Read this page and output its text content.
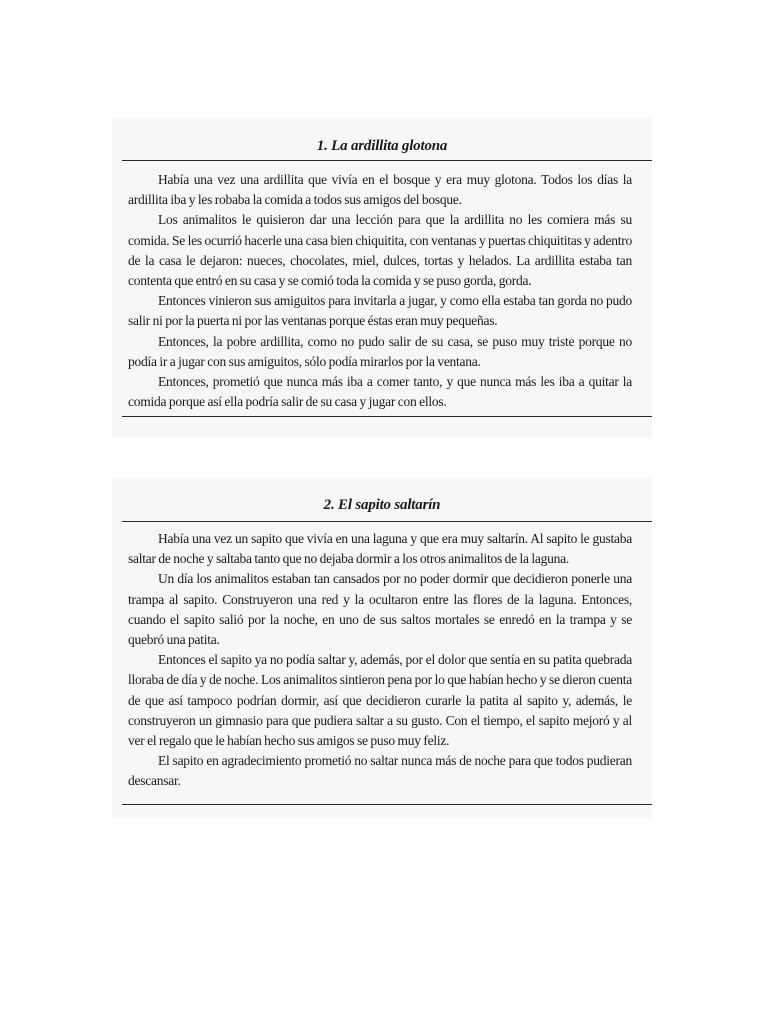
1. La ardillita glotona

Había una vez una ardillita que vivía en el bosque y era muy glotona. Todos los días la ardillita iba y les robaba la comida a todos sus amigos del bosque.

Los animalitos le quisieron dar una lección para que la ardillita no les comiera más su comida. Se les ocurrió hacerle una casa bien chiquitita, con ventanas y puertas chiquititas y adentro de la casa le dejaron: nueces, chocolates, miel, dulces, tortas y helados. La ardillita estaba tan contenta que entró en su casa y se comió toda la comida y se puso gorda, gorda.

Entonces vinieron sus amiguitos para invitarla a jugar, y como ella estaba tan gorda no pudo salir ni por la puerta ni por las ventanas porque éstas eran muy pequeñas.

Entonces, la pobre ardillita, como no pudo salir de su casa, se puso muy triste porque no podía ir a jugar con sus amiguitos, sólo podía mirarlos por la ventana.

Entonces, prometió que nunca más iba a comer tanto, y que nunca más les iba a quitar la comida porque así ella podría salir de su casa y jugar con ellos.

2. El sapito saltarín

Había una vez un sapito que vivía en una laguna y que era muy saltarín. Al sapito le gustaba saltar de noche y saltaba tanto que no dejaba dormir a los otros animalitos de la laguna.

Un día los animalitos estaban tan cansados por no poder dormir que decidieron ponerle una trampa al sapito. Construyeron una red y la ocultaron entre las flores de la laguna. Entonces, cuando el sapito salió por la noche, en uno de sus saltos mortales se enredó en la trampa y se quebró una patita.

Entonces el sapito ya no podía saltar y, además, por el dolor que sentía en su patita quebrada lloraba de día y de noche. Los animalitos sintieron pena por lo que habían hecho y se dieron cuenta de que así tampoco podrían dormir, así que decidieron curarle la patita al sapito y, además, le construyeron un gimnasio para que pudiera saltar a su gusto. Con el tiempo, el sapito mejoró y al ver el regalo que le habían hecho sus amigos se puso muy feliz.

El sapito en agradecimiento prometió no saltar nunca más de noche para que todos pudieran descansar.
